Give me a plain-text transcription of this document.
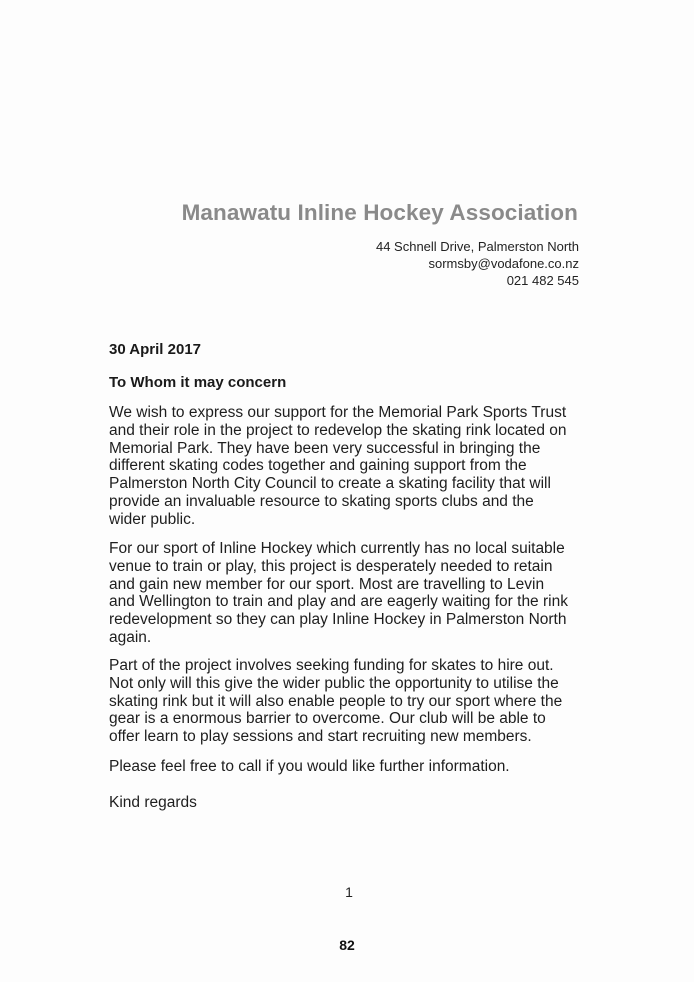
Manawatu Inline Hockey Association
44 Schnell Drive, Palmerston North
sormsby@vodafone.co.nz
021 482 545
30 April 2017
To Whom it may concern
We wish to express our support for the Memorial Park Sports Trust
and their role in the project to redevelop the skating rink located on
Memorial Park. They have been very successful in bringing the
different skating codes together and gaining support from the
Palmerston North City Council to create a skating facility that will
provide an invaluable resource to skating sports clubs and the
wider public.
For our sport of Inline Hockey which currently has no local suitable
venue to train or play, this project is desperately needed to retain
and gain new member for our sport. Most are travelling to Levin
and Wellington to train and play and are eagerly waiting for the rink
redevelopment so they can play Inline Hockey in Palmerston North
again.
Part of the project involves seeking funding for skates to hire out.
Not only will this give the wider public the opportunity to utilise the
skating rink but it will also enable people to try our sport where the
gear is a enormous barrier to overcome. Our club will be able to
offer learn to play sessions and start recruiting new members.
Please feel free to call if you would like further information.
Kind regards
1
82
